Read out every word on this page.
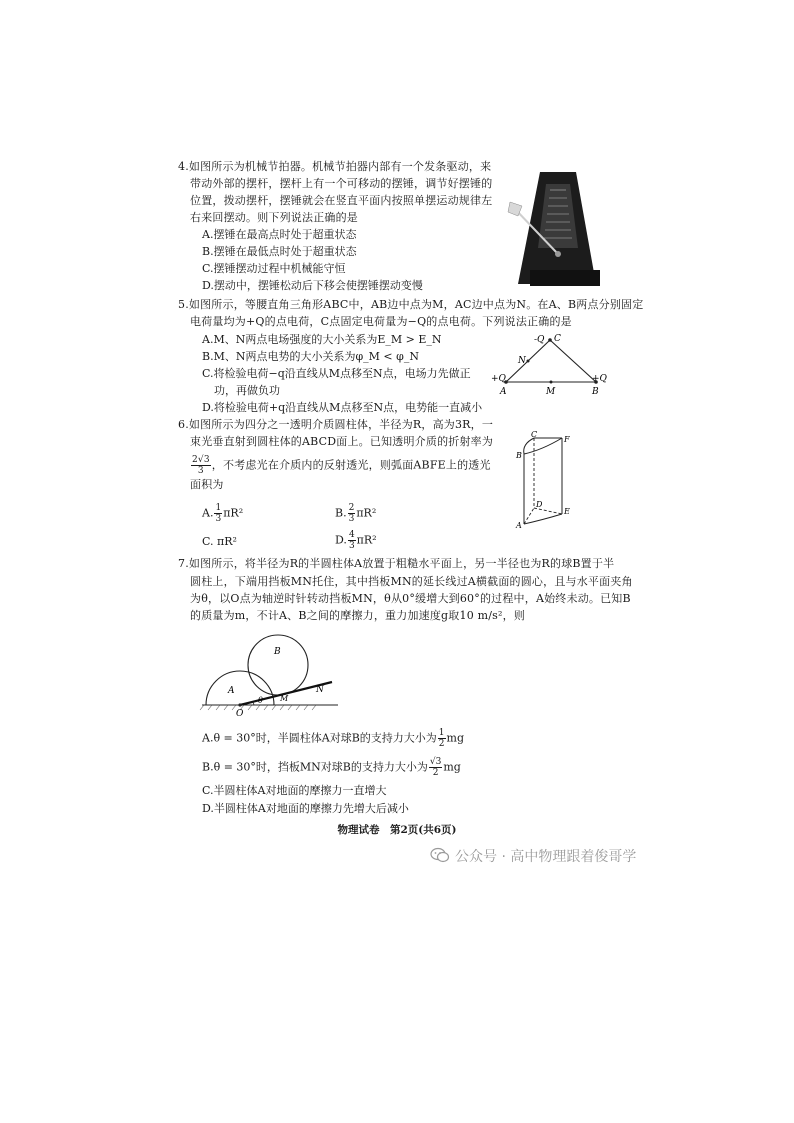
4.如图所示为机械节拍器。机械节拍器内部有一个发条驱动，来
带动外部的摆杆，摆杆上有一个可移动的摆锤，调节好摆锤的
位置，拨动摆杆，摆锤就会在竖直平面内按照单摆运动规律左
右来回摆动。则下列说法正确的是
A.摆锤在最高点时处于超重状态
B.摆锤在最低点时处于超重状态
C.摆锤摆动过程中机械能守恒
D.摆动中，摆锤松动后下移会使摆锤摆动变慢
5.如图所示，等腰直角三角形ABC中，AB边中点为M，AC边中点为N。在A、B两点分别固定
电荷量均为+Q的点电荷，C点固定电荷量为−Q的点电荷。下列说法正确的是
A.M、N两点电场强度的大小关系为E_M > E_N
B.M、N两点电势的大小关系为φ_M < φ_N
C.将检验电荷−q沿直线从M点移至N点，电场力先做正
功，再做负功
D.将检验电荷+q沿直线从M点移至N点，电势能一直减小
-Q C
N
+Q
A	M	B
+Q
6.如图所示为四分之一透明介质圆柱体，半径为R，高为3R，一
束光垂直射到圆柱体的ABCD面上。已知透明介质的折射率为
$\frac{2√3}{3}$ ，不考虑光在介质内的反射透光，则弧面ABFE上的透光
面积为
A. $\frac{1}{3} \pi R^2$	B. $\frac{2}{3} \pi R^2$
C. πR²	D. $\frac{4}{3} \pi R^2$
C
F
B
D
A
E
7.如图所示，将半径为R的半圆柱体A放置于粗糙水平面上，另一半径也为R的球B置于半
圆柱上，下端用挡板MN托住，其中挡板MN的延长线过A横截面的圆心，且与水平面夹角
为θ，以O点为轴逆时针转动挡板MN，θ从0°缓增大到60°的过程中，A始终未动。已知B
的质量为m，不计A、B之间的摩擦力，重力加速度g取10 m/s²，则
B
A
O
θ M
N
A.θ = 30°时，半圆柱体A对球B的支持力大小为 $\frac{1}{2}$ mg
B.θ = 30°时，挡板MN对球B的支持力大小为 $\frac{√3}{2}$ mg
C.半圆柱体A对地面的摩擦力一直增大
D.半圆柱体A对地面的摩擦力先增大后减小
物理试卷　第2页(共6页)
公众号 · 高中物理跟着俊哥学
